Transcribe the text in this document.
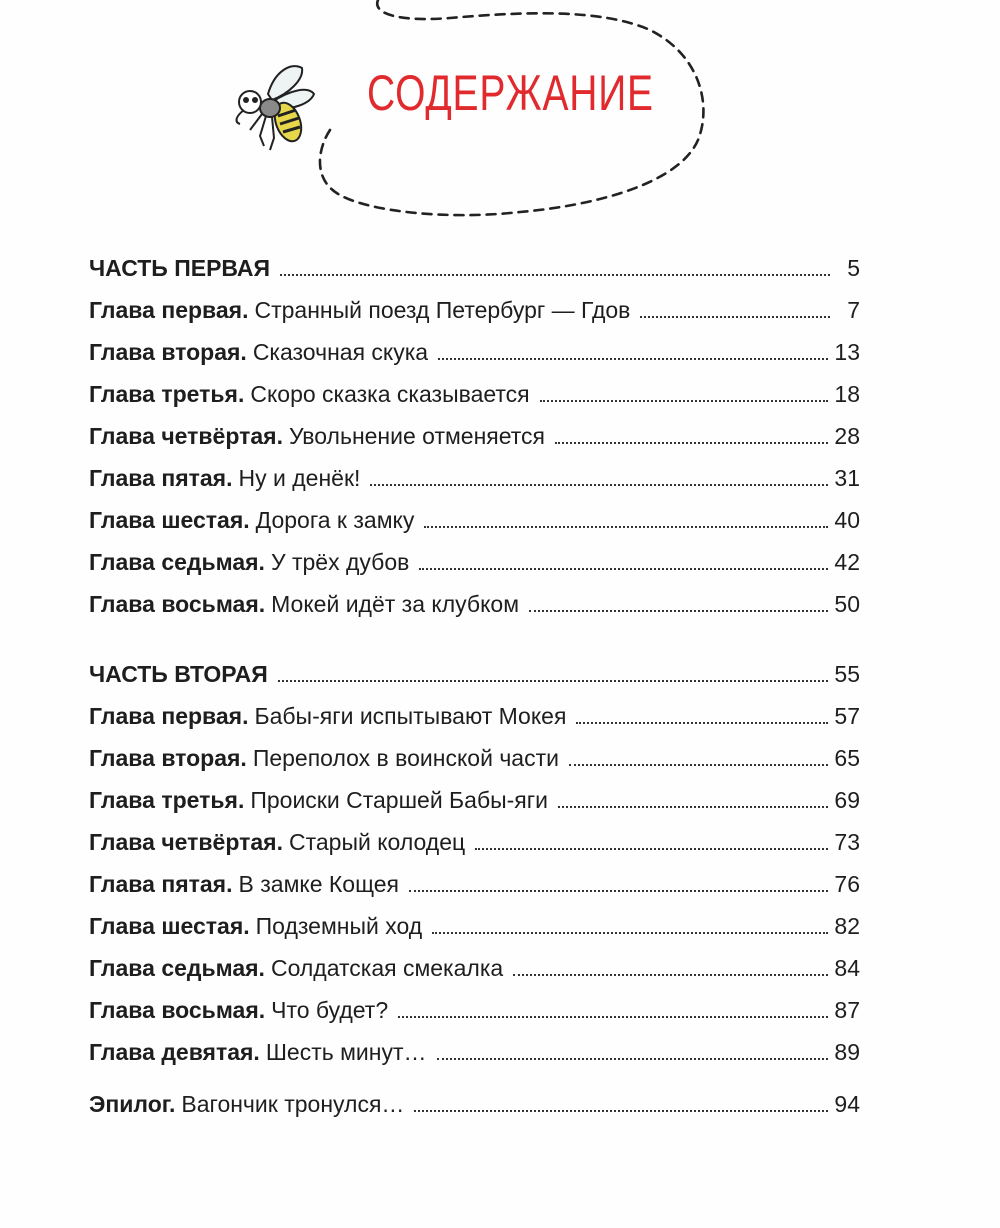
СОДЕРЖАНИЕ
ЧАСТЬ ПЕРВАЯ	5
Глава первая. Странный поезд Петербург — Гдов	7
Глава вторая. Сказочная скука	13
Глава третья. Скоро сказка сказывается	18
Глава четвёртая. Увольнение отменяется	28
Глава пятая. Ну и денёк!	31
Глава шестая. Дорога к замку	40
Глава седьмая. У трёх дубов	42
Глава восьмая. Мокей идёт за клубком	50
ЧАСТЬ ВТОРАЯ	55
Глава первая. Бабы-яги испытывают Мокея	57
Глава вторая. Переполох в воинской части	65
Глава третья. Происки Старшей Бабы-яги	69
Глава четвёртая. Старый колодец	73
Глава пятая. В замке Кощея	76
Глава шестая. Подземный ход	82
Глава седьмая. Солдатская смекалка	84
Глава восьмая. Что будет?	87
Глава девятая. Шесть минут…	89
Эпилог. Вагончик тронулся…	94
